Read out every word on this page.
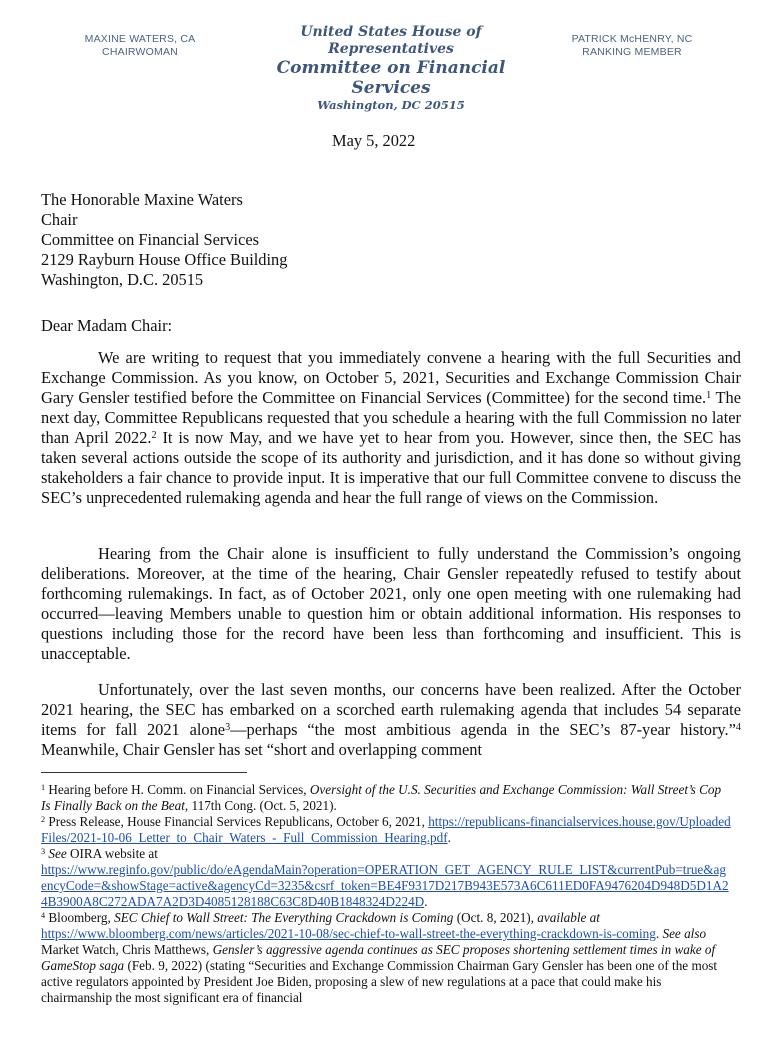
MAXINE WATERS, CA
CHAIRWOMAN
United States House of Representatives
Committee on Financial Services
Washington, DC 20515
PATRICK McHENRY, NC
RANKING MEMBER
May 5, 2022
The Honorable Maxine Waters
Chair
Committee on Financial Services
2129 Rayburn House Office Building
Washington, D.C. 20515
Dear Madam Chair:

We are writing to request that you immediately convene a hearing with the full Securities and Exchange Commission. As you know, on October 5, 2021, Securities and Exchange Commission Chair Gary Gensler testified before the Committee on Financial Services (Committee) for the second time.$^1$ The next day, Committee Republicans requested that you schedule a hearing with the full Commission no later than April 2022.$^2$ It is now May, and we have yet to hear from you. However, since then, the SEC has taken several actions outside the scope of its authority and jurisdiction, and it has done so without giving stakeholders a fair chance to provide input. It is imperative that our full Committee convene to discuss the SEC’s unprecedented rulemaking agenda and hear the full range of views on the Commission.

Hearing from the Chair alone is insufficient to fully understand the Commission’s ongoing deliberations. Moreover, at the time of the hearing, Chair Gensler repeatedly refused to testify about forthcoming rulemakings. In fact, as of October 2021, only one open meeting with one rulemaking had occurred—leaving Members unable to question him or obtain additional information. His responses to questions including those for the record have been less than forthcoming and insufficient. This is unacceptable.

Unfortunately, over the last seven months, our concerns have been realized. After the October 2021 hearing, the SEC has embarked on a scorched earth rulemaking agenda that includes 54 separate items for fall 2021 alone$^3$—perhaps “the most ambitious agenda in the SEC’s 87-year history.”$^4$ Meanwhile, Chair Gensler has set “short and overlapping comment

$^1$ Hearing before H. Comm. on Financial Services, Oversight of the U.S. Securities and Exchange Commission: Wall Street’s Cop Is Finally Back on the Beat, 117th Cong. (Oct. 5, 2021).
$^2$ Press Release, House Financial Services Republicans, October 6, 2021, https://republicans-financialservices.house.gov/UploadedFiles/2021-10-06_Letter_to_Chair_Waters_-_Full_Commission_Hearing.pdf.
$^3$ See OIRA website at
https://www.reginfo.gov/public/do/eAgendaMain?operation=OPERATION_GET_AGENCY_RULE_LIST&currentPub=true&agencyCode=&showStage=active&agencyCd=3235&csrf_token=BE4F9317D217B943E573A6C611ED0FA9476204D948D5D1A24B3900A8C272ADA7A2D3D4085128188C63C8D40B1848324D224D.
$^4$ Bloomberg, SEC Chief to Wall Street: The Everything Crackdown is Coming (Oct. 8, 2021), available at
https://www.bloomberg.com/news/articles/2021-10-08/sec-chief-to-wall-street-the-everything-crackdown-is-coming. See also Market Watch, Chris Matthews, Gensler’s aggressive agenda continues as SEC proposes shortening settlement times in wake of GameStop saga (Feb. 9, 2022) (stating “Securities and Exchange Commission Chairman Gary Gensler has been one of the most active regulators appointed by President Joe Biden, proposing a slew of new regulations at a pace that could make his chairmanship the most significant era of financial
